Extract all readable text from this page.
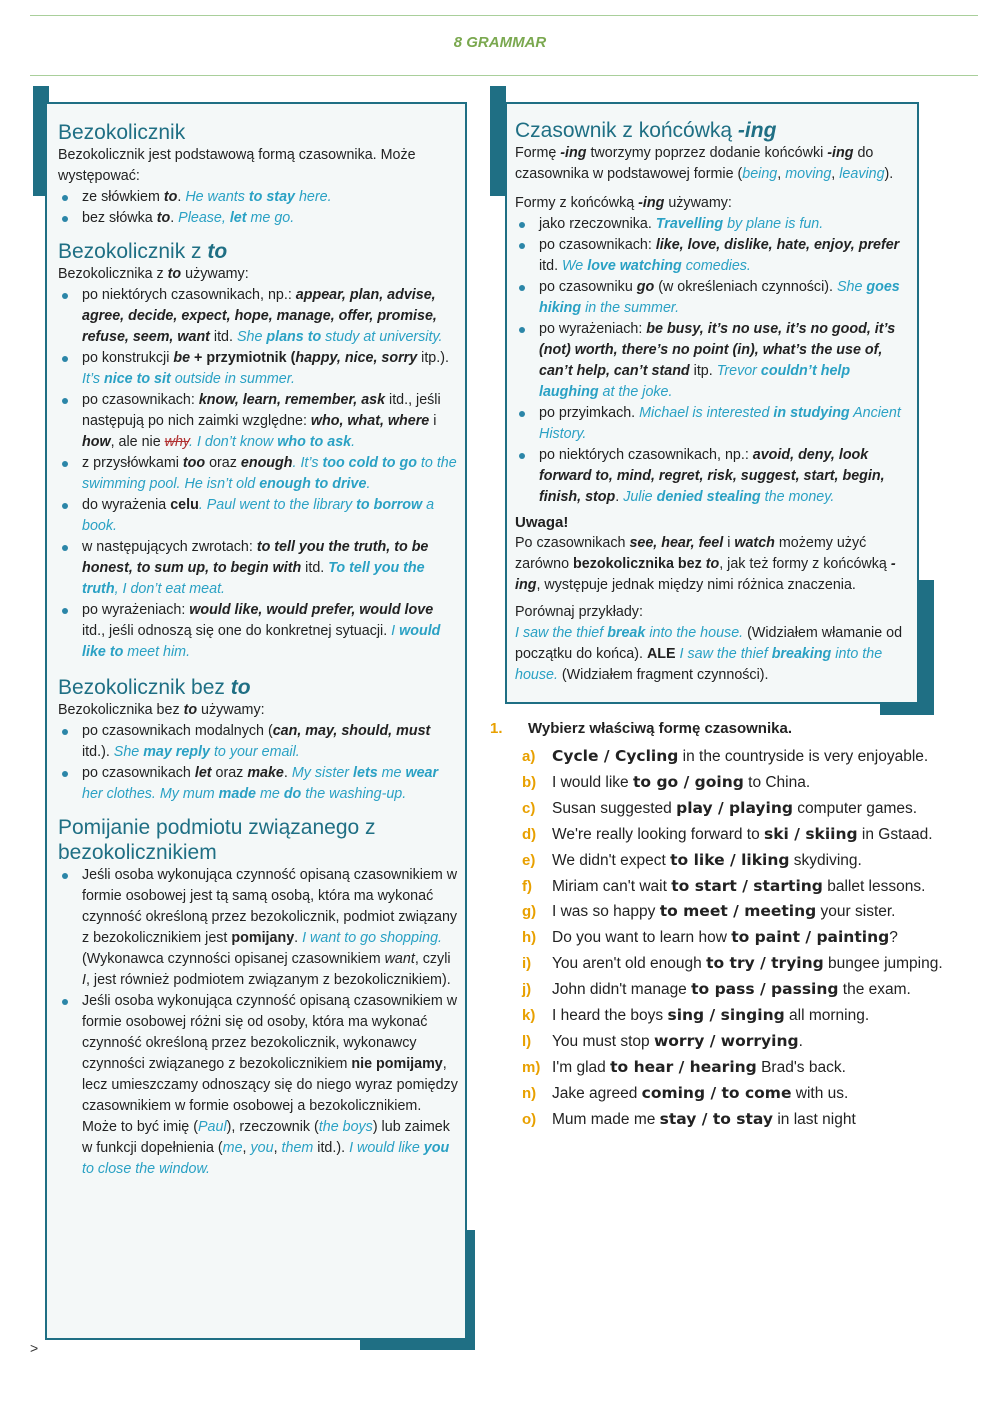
8 GRAMMAR
Bezokolicznik

Bezokolicznik jest podstawową formą czasownika. Może występować:

ze słówkiem to. He wants to stay here.
bez słówka to. Please, let me go.
Bezokolicznik z to

Bezokolicznika z to używamy:

po niektórych czasownikach, np.: appear, plan, advise, agree, decide, expect, hope, manage, offer, promise, refuse, seem, want itd. She plans to study at university.
po konstrukcji be + przymiotnik (happy, nice, sorry itp.). It’s nice to sit outside in summer.
po czasownikach: know, learn, remember, ask itd., jeśli następują po nich zaimki względne: who, what, where i how, ale nie why. I don’t know who to ask.
z przysłówkami too oraz enough. It’s too cold to go to the swimming pool. He isn’t old enough to drive.
do wyrażenia celu. Paul went to the library to borrow a book.
w następujących zwrotach: to tell you the truth, to be honest, to sum up, to begin with itd. To tell you the truth, I don’t eat meat.
po wyrażeniach: would like, would prefer, would love itd., jeśli odnoszą się one do konkretnej sytuacji. I would like to meet him.
Bezokolicznik bez to

Bezokolicznika bez to używamy:

po czasownikach modalnych (can, may, should, must itd.). She may reply to your email.
po czasownikach let oraz make. My sister lets me wear her clothes. My mum made me do the washing-up.
Pomijanie podmiotu związanego z bezokolicznikiem
Jeśli osoba wykonująca czynność opisaną czasownikiem w formie osobowej jest tą samą osobą, która ma wykonać czynność określoną przez bezokolicznik, podmiot związany z bezokolicznikiem jest pomijany. I want to go shopping. (Wykonawca czynności opisanej czasownikiem want, czyli I, jest również podmiotem związanym z bezokolicznikiem).
Jeśli osoba wykonująca czynność opisaną czasownikiem w formie osobowej różni się od osoby, która ma wykonać czynność określoną przez bezokolicznik, wykonawcy czynności związanego z bezokolicznikiem nie pomijamy, lecz umieszczamy odnoszący się do niego wyraz pomiędzy czasownikiem w formie osobowej a bezokolicznikiem. Może to być imię (Paul), rzeczownik (the boys) lub zaimek w funkcji dopełnienia (me, you, them itd.). I would like you to close the window.
Czasownik z końcówką -ing

Formę -ing tworzymy poprzez dodanie końcówki -ing do czasownika w podstawowej formie (being, moving, leaving).

Formy z końcówką -ing używamy:

jako rzeczownika. Travelling by plane is fun.
po czasownikach: like, love, dislike, hate, enjoy, prefer itd. We love watching comedies.
po czasowniku go (w określeniach czynności). She goes hiking in the summer.
po wyrażeniach: be busy, it’s no use, it’s no good, it’s (not) worth, there’s no point (in), what’s the use of, can’t help, can’t stand itp. Trevor couldn’t help laughing at the joke.
po przyimkach. Michael is interested in studying Ancient History.
po niektórych czasownikach, np.: avoid, deny, look forward to, mind, regret, risk, suggest, start, begin, finish, stop. Julie denied stealing the money.

Uwaga!

Po czasownikach see, hear, feel i watch możemy użyć zarówno bezokolicznika bez to, jak też formy z końcówką -ing, występuje jednak między nimi różnica znaczenia.

Porównaj przykłady:

I saw the thief break into the house. (Widziałem włamanie od początku do końca). ALE I saw the thief breaking into the house. (Widziałem fragment czynności).

1. Wybierz właściwą formę czasownika.
a) Cycle / Cycling in the countryside is very enjoyable.
b) I would like to go / going to China.
c) Susan suggested play / playing computer games.
d) We're really looking forward to ski / skiing in Gstaad.
e) We didn't expect to like / liking skydiving.
f) Miriam can't wait to start / starting ballet lessons.
g) I was so happy to meet / meeting your sister.
h) Do you want to learn how to paint / painting?
i) You aren't old enough to try / trying bungee jumping.
j) John didn't manage to pass / passing the exam.
k) I heard the boys sing / singing all morning.
l) You must stop worry / worrying.
m) I'm glad to hear / hearing Brad's back.
n) Jake agreed coming / to come with us.
o) Mum made me stay / to stay in last night
˃
